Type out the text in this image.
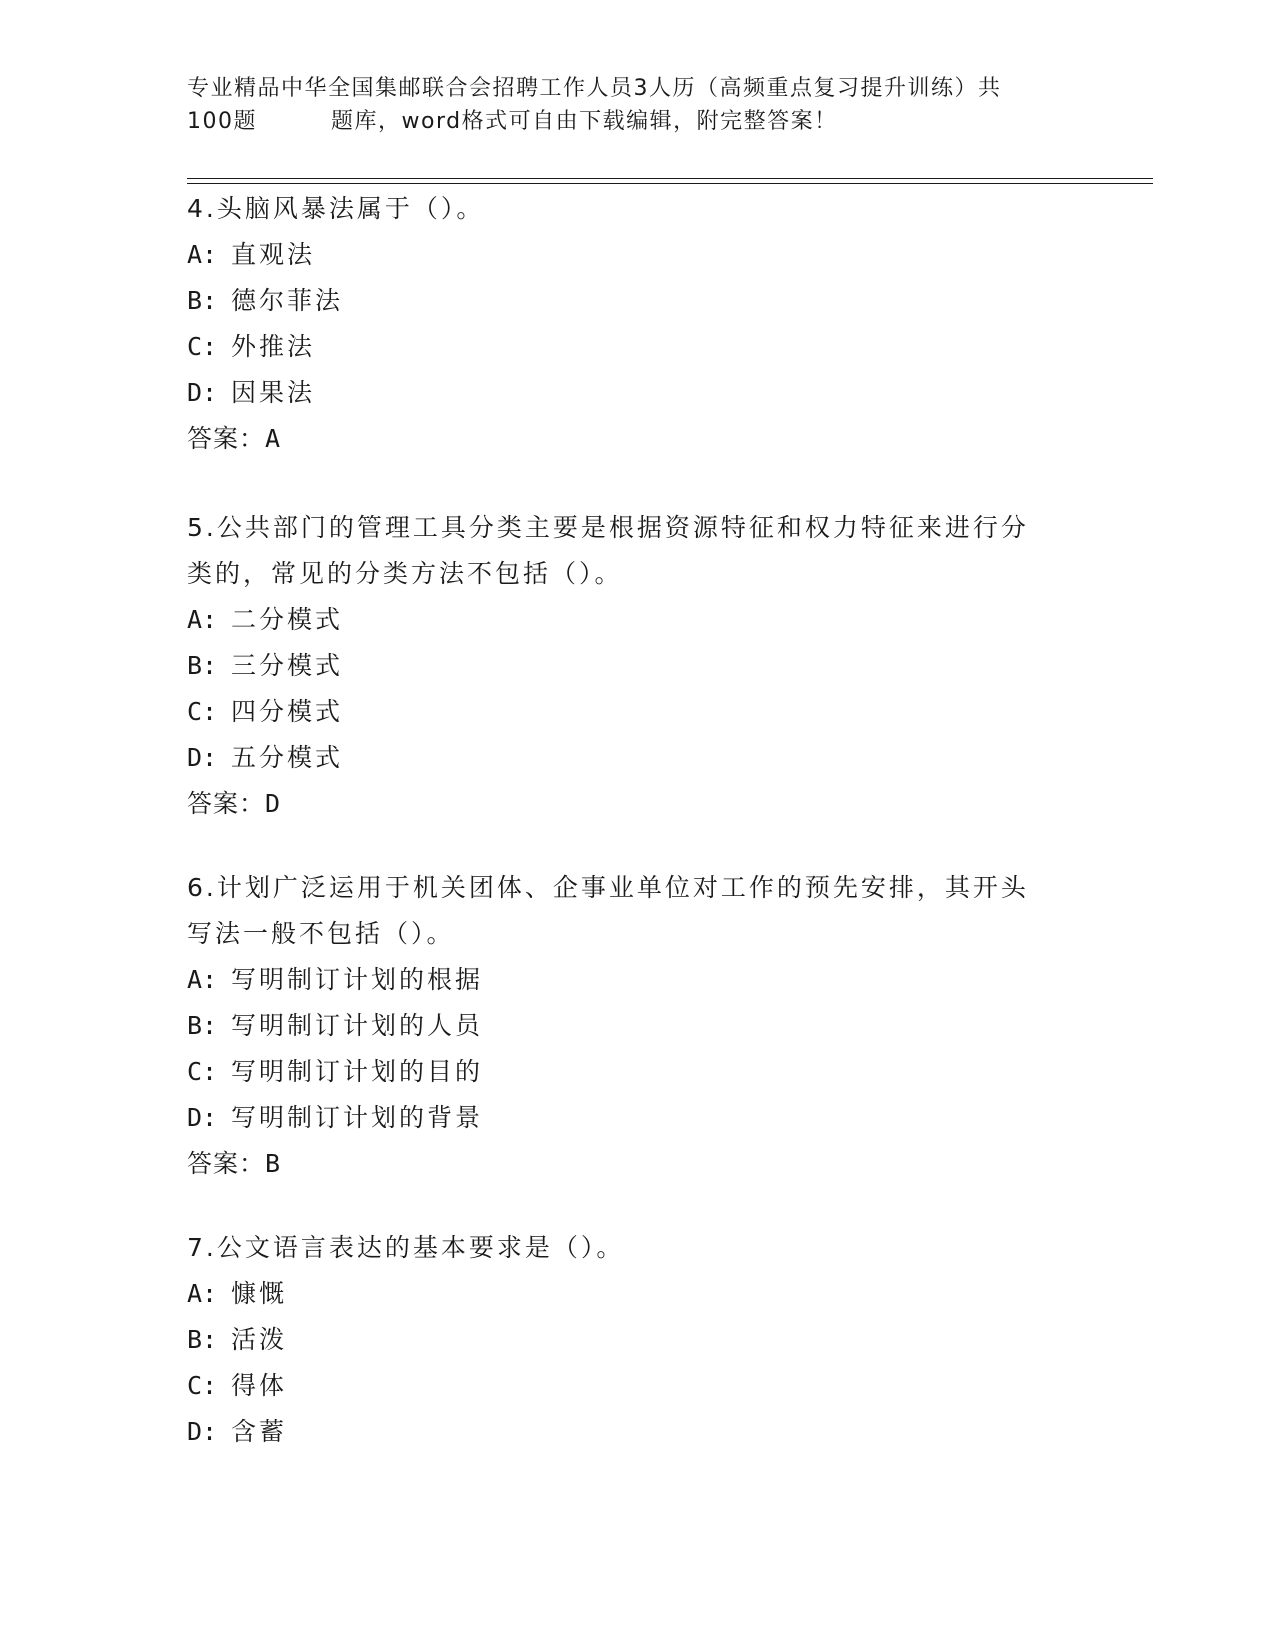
专业精品中华全国集邮联合会招聘工作人员3人历（高频重点复习提升训练）共
100题	题库，word格式可自由下载编辑，附完整答案！
4.头脑风暴法属于（）。
A: 直观法
B: 德尔菲法
C: 外推法
D: 因果法
答案：A
5.公共部门的管理工具分类主要是根据资源特征和权力特征来进行分
类的，常见的分类方法不包括（）。
A: 二分模式
B: 三分模式
C: 四分模式
D: 五分模式
答案：D
6.计划广泛运用于机关团体、企事业单位对工作的预先安排，其开头
写法一般不包括（）。
A: 写明制订计划的根据
B: 写明制订计划的人员
C: 写明制订计划的目的
D: 写明制订计划的背景
答案：B
7.公文语言表达的基本要求是（）。
A: 慷慨
B: 活泼
C: 得体
D: 含蓄
